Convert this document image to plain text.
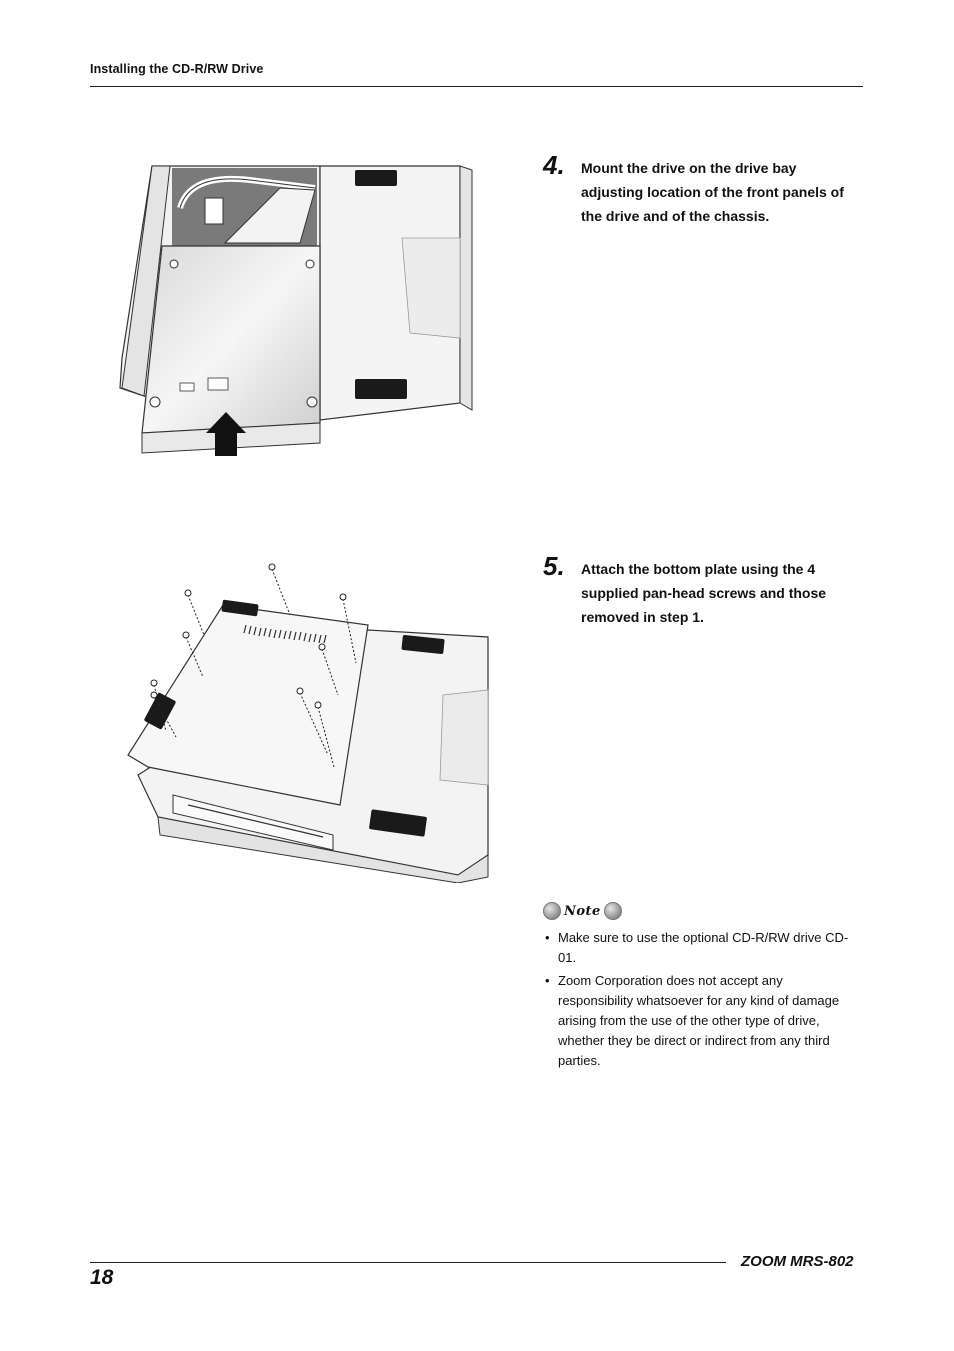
Installing the CD-R/RW Drive
4. Mount the drive on the drive bay adjusting location of the front panels of the drive and of the chassis.
5. Attach the bottom plate using the 4 supplied pan-head screws and those removed in step 1.
Note
• Make sure to use the optional CD-R/RW drive CD-01.
• Zoom Corporation does not accept any responsibility whatsoever for any kind of damage arising from the use of the other type of drive, whether they be direct or indirect from any third parties.
18
ZOOM MRS-802
